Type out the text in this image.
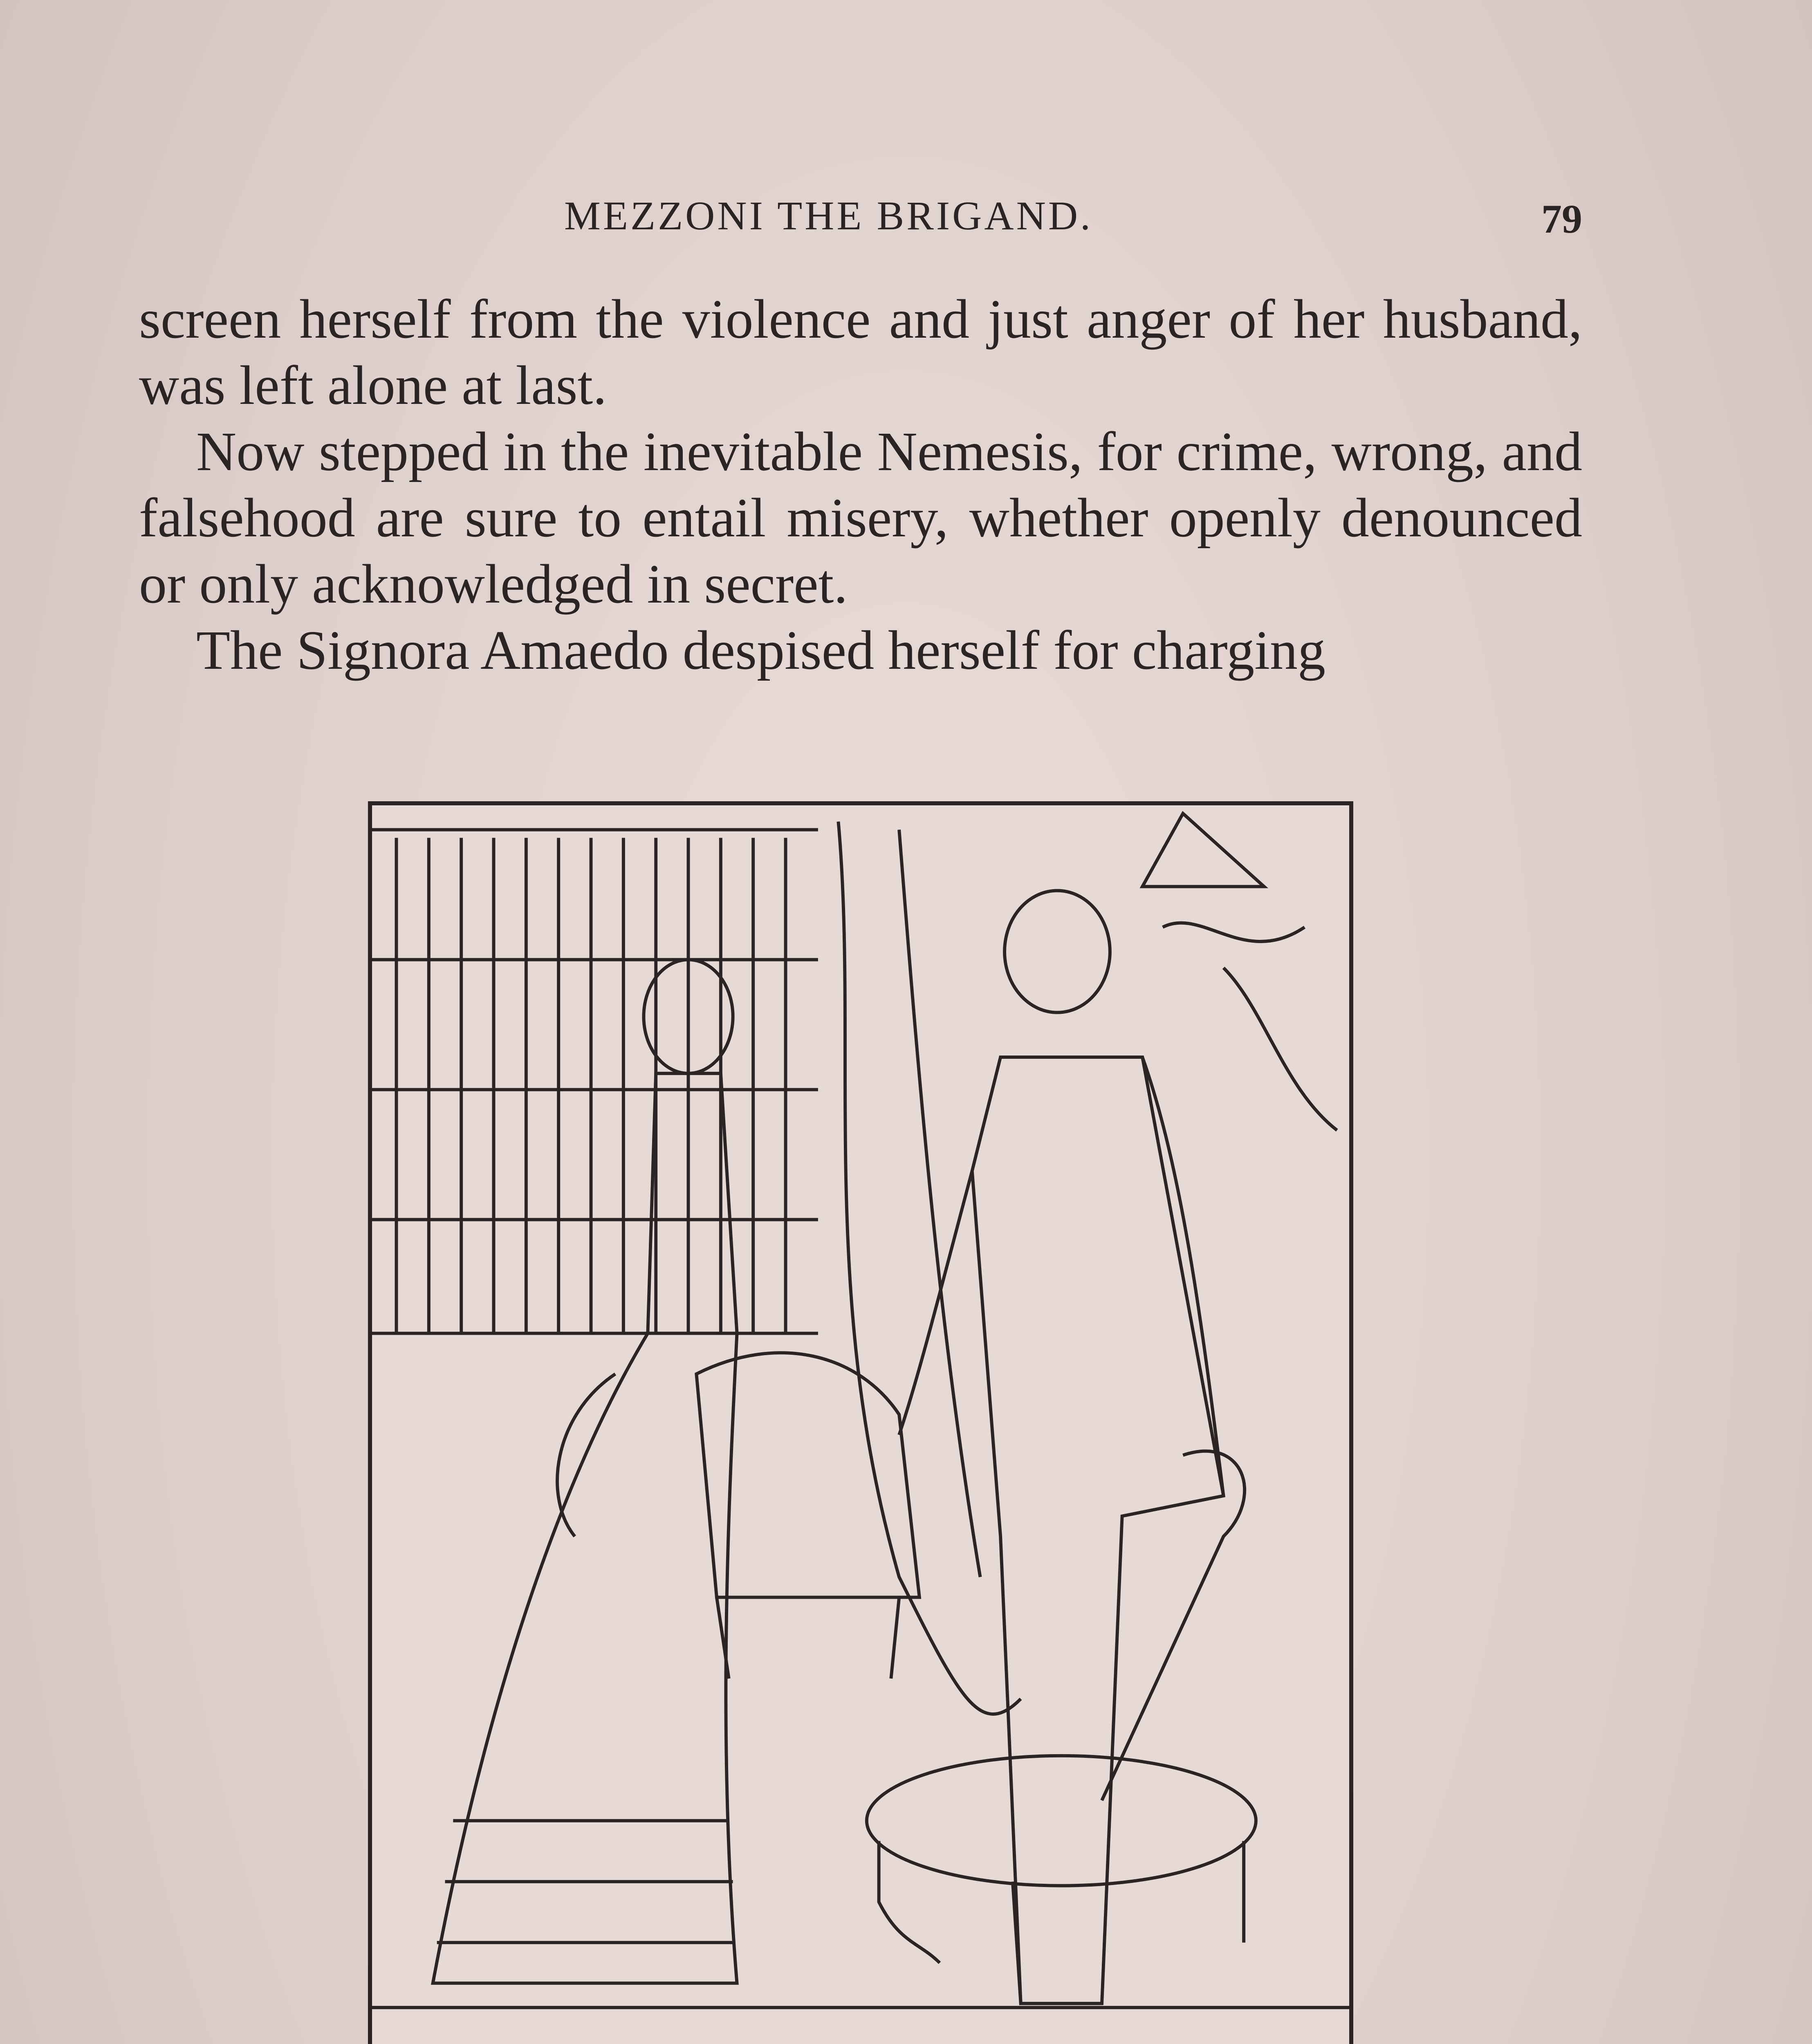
MEZZONI THE BRIGAND.	79

screen herself from the violence and just anger of her husband, was left alone at last.

Now stepped in the inevitable Nemesis, for crime, wrong, and falsehood are sure to entail misery, whether openly denounced or only acknowledged in secret.

The Signora Amaedo despised herself for charging
